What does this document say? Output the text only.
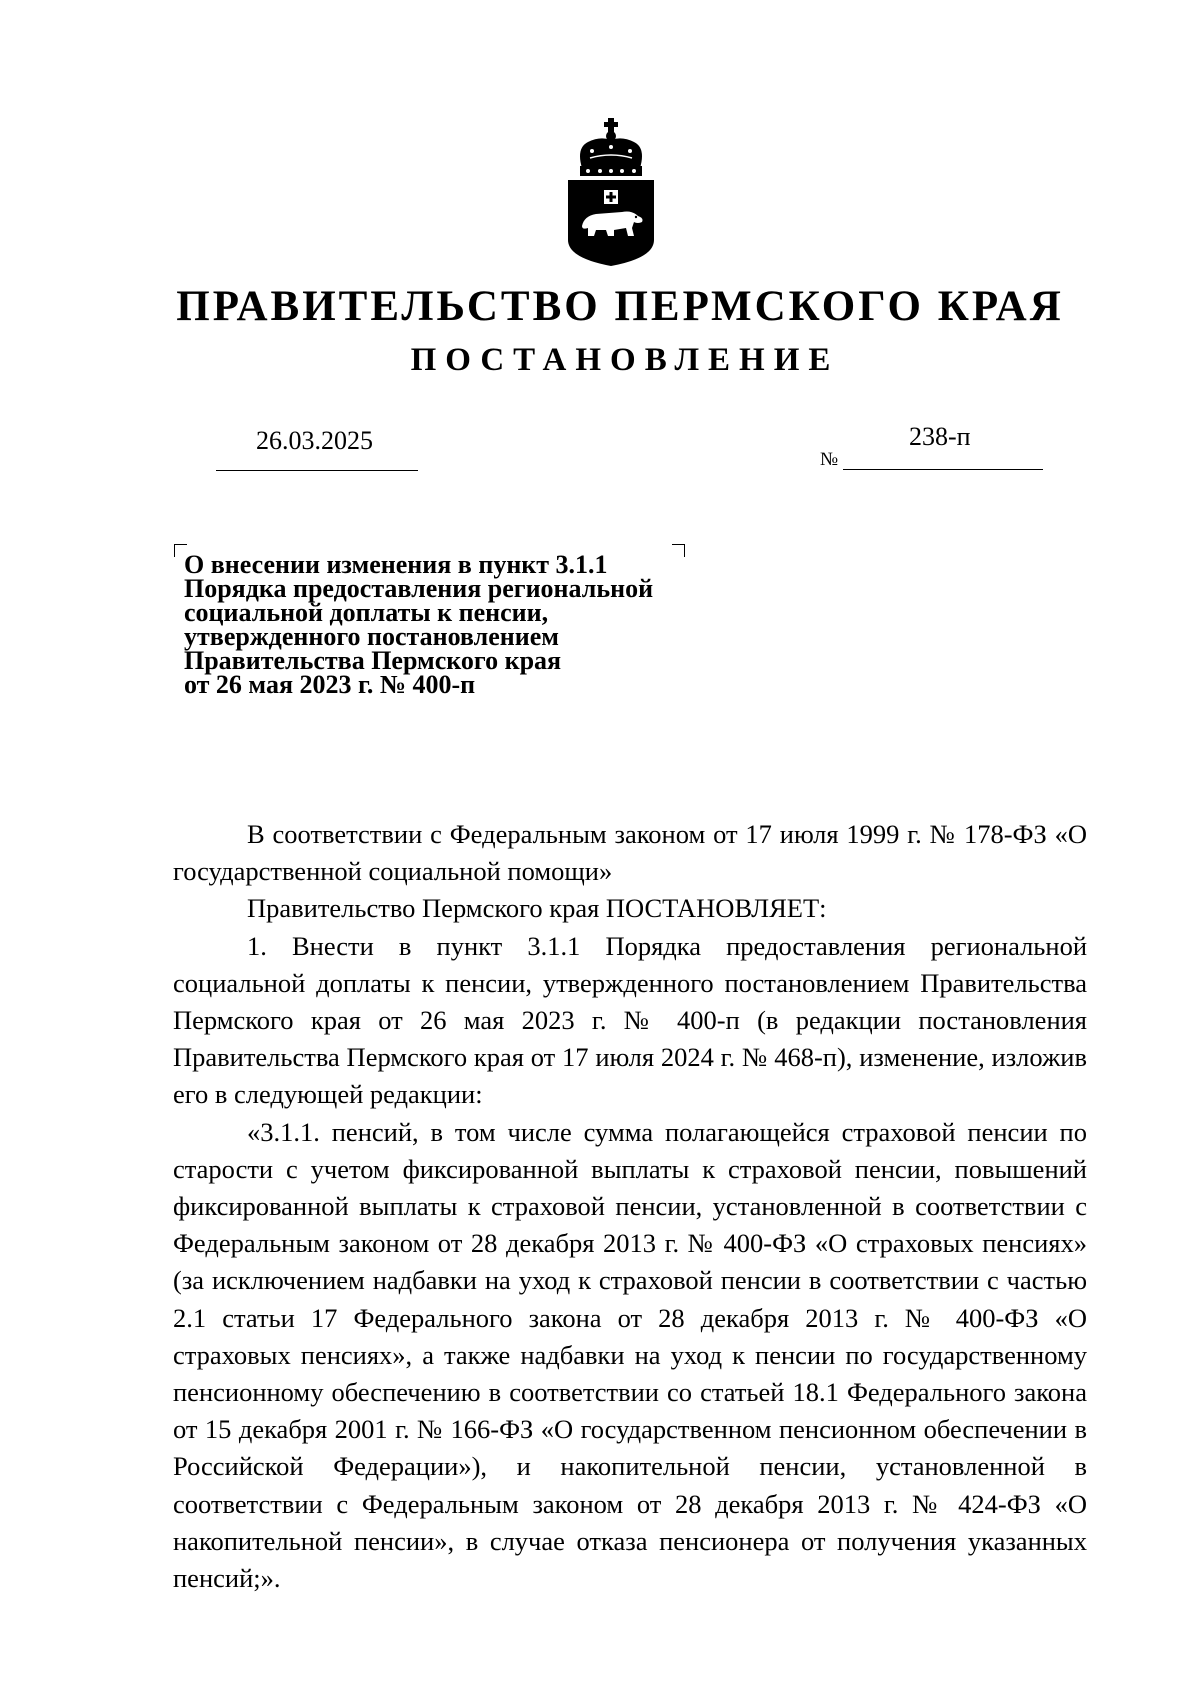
ПРАВИТЕЛЬСТВО ПЕРМСКОГО КРАЯ
ПОСТАНОВЛЕНИЕ
26.03.2025
№
238-п
О внесении изменения в пункт 3.1.1
Порядка предоставления региональной
социальной доплаты к пенсии,
утвержденного постановлением
Правительства Пермского края
от 26 мая 2023 г. № 400-п

В соответствии с Федеральным законом от 17 июля 1999 г. № 178-ФЗ «О государственной социальной помощи»

Правительство Пермского края ПОСТАНОВЛЯЕТ:

1. Внести в пункт 3.1.1 Порядка предоставления региональной социальной доплаты к пенсии, утвержденного постановлением Правительства Пермского края от 26 мая 2023 г. № 400-п (в редакции постановления Правительства Пермского края от 17 июля 2024 г. № 468-п), изменение, изложив его в следующей редакции:

«3.1.1. пенсий, в том числе сумма полагающейся страховой пенсии по старости с учетом фиксированной выплаты к страховой пенсии, повышений фиксированной выплаты к страховой пенсии, установленной в соответствии с Федеральным законом от 28 декабря 2013 г. № 400-ФЗ «О страховых пенсиях» (за исключением надбавки на уход к страховой пенсии в соответствии с частью 2.1 статьи 17 Федерального закона от 28 декабря 2013 г. № 400-ФЗ «О страховых пенсиях», а также надбавки на уход к пенсии по государственному пенсионному обеспечению в соответствии со статьей 18.1 Федерального закона от 15 декабря 2001 г. № 166-ФЗ «О государственном пенсионном обеспечении в Российской Федерации»), и накопительной пенсии, установленной в соответствии с Федеральным законом от 28 декабря 2013 г. № 424-ФЗ «О накопительной пенсии», в случае отказа пенсионера от получения указанных пенсий;».
